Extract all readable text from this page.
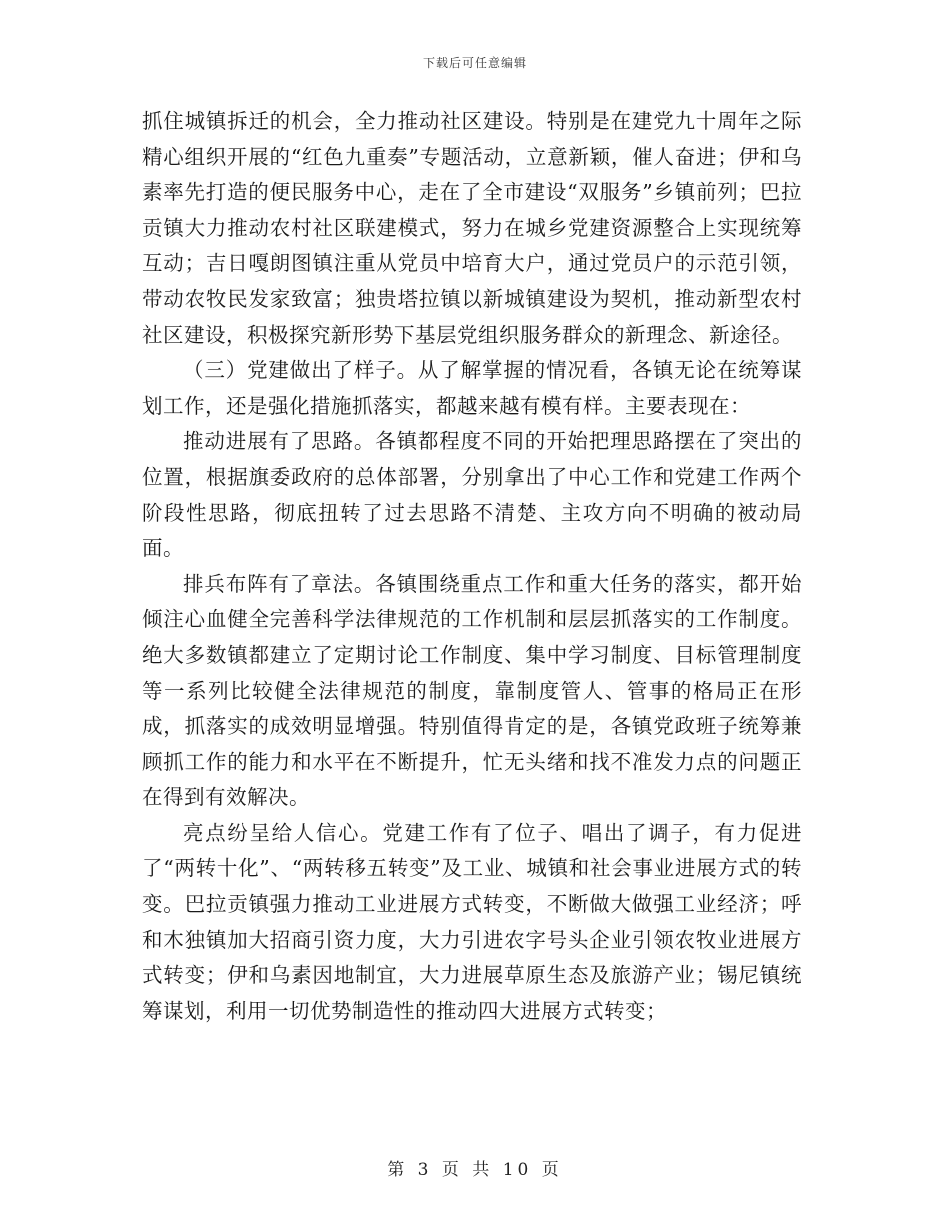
下载后可任意编辑

抓住城镇拆迁的机会，全力推动社区建设。特别是在建党九十周年之际精心组织开展的“红色九重奏”专题活动，立意新颖，催人奋进；伊和乌素率先打造的便民服务中心，走在了全市建设“双服务”乡镇前列；巴拉贡镇大力推动农村社区联建模式，努力在城乡党建资源整合上实现统筹互动；吉日嘎朗图镇注重从党员中培育大户，通过党员户的示范引领，带动农牧民发家致富；独贵塔拉镇以新城镇建设为契机，推动新型农村社区建设，积极探究新形势下基层党组织服务群众的新理念、新途径。

（三）党建做出了样子。从了解掌握的情况看，各镇无论在统筹谋划工作，还是强化措施抓落实，都越来越有模有样。主要表现在：

推动进展有了思路。各镇都程度不同的开始把理思路摆在了突出的位置，根据旗委政府的总体部署，分别拿出了中心工作和党建工作两个阶段性思路，彻底扭转了过去思路不清楚、主攻方向不明确的被动局面。

排兵布阵有了章法。各镇围绕重点工作和重大任务的落实，都开始倾注心血健全完善科学法律规范的工作机制和层层抓落实的工作制度。绝大多数镇都建立了定期讨论工作制度、集中学习制度、目标管理制度等一系列比较健全法律规范的制度，靠制度管人、管事的格局正在形成，抓落实的成效明显增强。特别值得肯定的是，各镇党政班子统筹兼顾抓工作的能力和水平在不断提升，忙无头绪和找不准发力点的问题正在得到有效解决。

亮点纷呈给人信心。党建工作有了位子、唱出了调子，有力促进了“两转十化”、“两转移五转变”及工业、城镇和社会事业进展方式的转变。巴拉贡镇强力推动工业进展方式转变，不断做大做强工业经济；呼和木独镇加大招商引资力度，大力引进农字号头企业引领农牧业进展方式转变；伊和乌素因地制宜，大力进展草原生态及旅游产业；锡尼镇统筹谋划，利用一切优势制造性的推动四大进展方式转变；

第 3 页 共 10 页
